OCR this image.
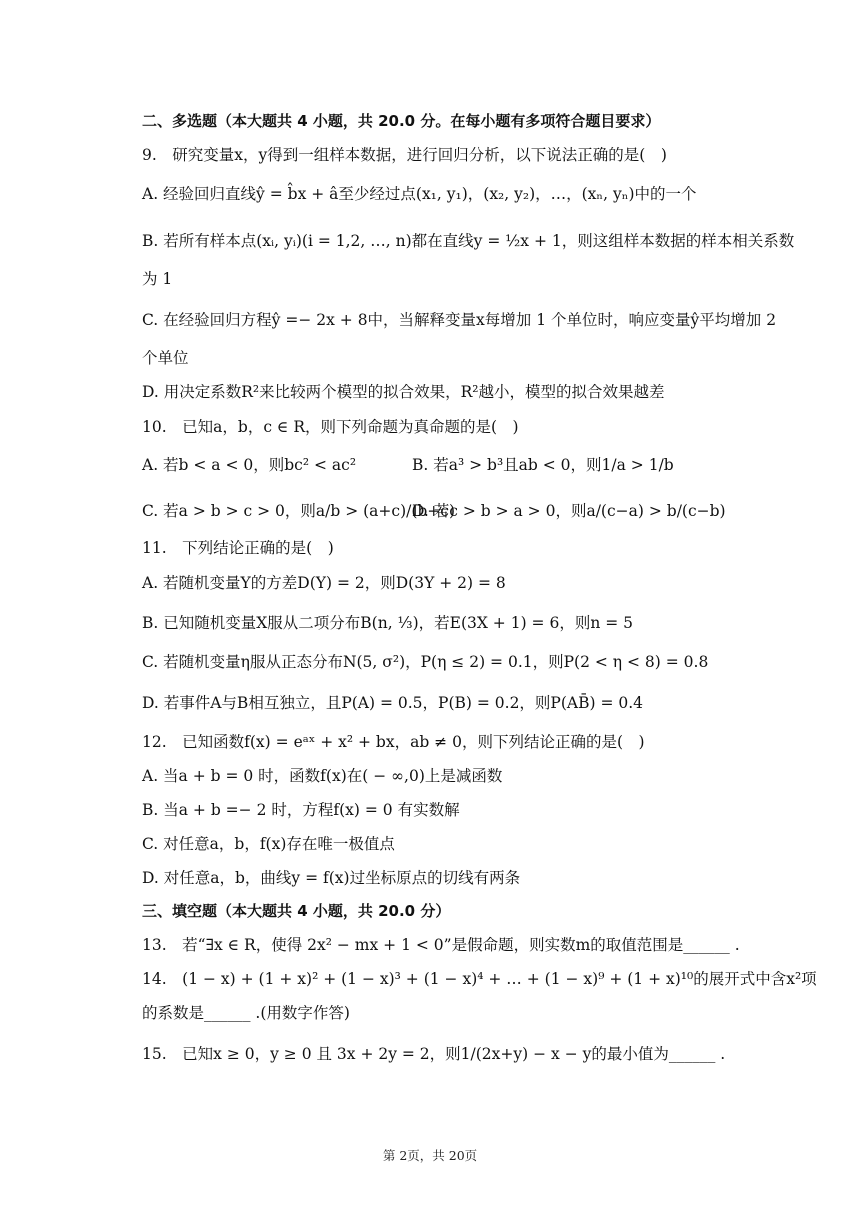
二、多选题（本大题共 4 小题，共 20.0 分。在每小题有多项符合题目要求）
9.　研究变量x，y得到一组样本数据，进行回归分析，以下说法正确的是(　)
A. 经验回归直线ŷ = b̂x + â至少经过点(x₁, y₁)，(x₂, y₂)，…，(xₙ, yₙ)中的一个
B. 若所有样本点(xᵢ, yᵢ)(i = 1,2, …, n)都在直线y = ½x + 1，则这组样本数据的样本相关系数
为 1
C. 在经验回归方程ŷ =− 2x + 8中，当解释变量x每增加 1 个单位时，响应变量ŷ平均增加 2
个单位
D. 用决定系数R²来比较两个模型的拟合效果，R²越小，模型的拟合效果越差
10.　已知a，b，c ∈ R，则下列命题为真命题的是(　)
A. 若b < a < 0，则bc² < ac²	B. 若a³ > b³且ab < 0，则1/a > 1/b
C. 若a > b > c > 0，则a/b > (a+c)/(b+c)
D. 若c > b > a > 0，则a/(c−a) > b/(c−b)
11.　下列结论正确的是(　)
A. 若随机变量Y的方差D(Y) = 2，则D(3Y + 2) = 8
B. 已知随机变量X服从二项分布B(n, ⅓)，若E(3X + 1) = 6，则n = 5
C. 若随机变量η服从正态分布N(5, σ²)，P(η ≤ 2) = 0.1，则P(2 < η < 8) = 0.8
D. 若事件A与B相互独立，且P(A) = 0.5，P(B) = 0.2，则P(AB̄) = 0.4
12.　已知函数f(x) = eᵃˣ + x² + bx，ab ≠ 0，则下列结论正确的是(　)
A. 当a + b = 0 时，函数f(x)在( − ∞,0)上是减函数
B. 当a + b =− 2 时，方程f(x) = 0 有实数解
C. 对任意a，b，f(x)存在唯一极值点
D. 对任意a，b，曲线y = f(x)过坐标原点的切线有两条
三、填空题（本大题共 4 小题，共 20.0 分）
13.　若“∃x ∈ R，使得 2x² − mx + 1 < 0”是假命题，则实数m的取值范围是______ .
14.　(1 − x) + (1 + x)² + (1 − x)³ + (1 − x)⁴ + … + (1 − x)⁹ + (1 + x)¹⁰的展开式中含x²项
的系数是______ .(用数字作答)
15.　已知x ≥ 0，y ≥ 0 且 3x + 2y = 2，则1/(2x+y) − x − y的最小值为______ .
第 2页，共 20页
